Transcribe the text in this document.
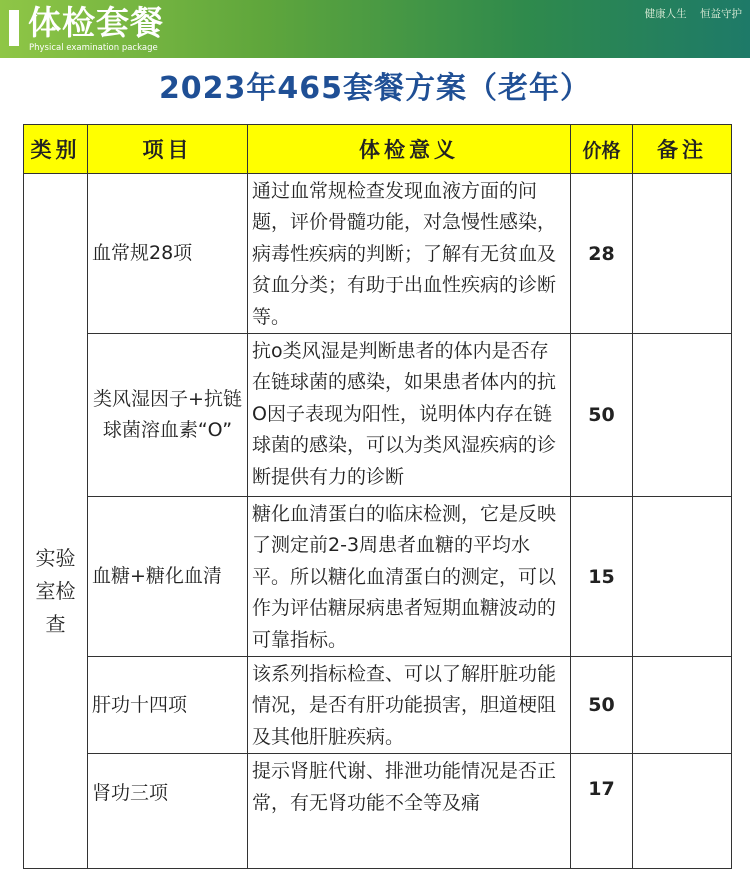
体检套餐
Physical examination package
健康人生 恒益守护
2023年465套餐方案（老年）
类别	项目	体检意义	价格	备注
实验室检查	血常规28项	通过血常规检查发现血液方面的问题，评价骨髓功能，对急慢性感染，病毒性疾病的判断；了解有无贫血及贫血分类；有助于出血性疾病的诊断等。	28	
	类风湿因子+抗链球菌溶血素“O”	抗o类风湿是判断患者的体内是否存在链球菌的感染，如果患者体内的抗O因子表现为阳性，说明体内存在链球菌的感染，可以为类风湿疾病的诊断提供有力的诊断	50	
	血糖+糖化血清	糖化血清蛋白的临床检测，它是反映了测定前2-3周患者血糖的平均水平。所以糖化血清蛋白的测定，可以作为评估糖尿病患者短期血糖波动的可靠指标。	15	
	肝功十四项	该系列指标检查、可以了解肝脏功能情况，是否有肝功能损害，胆道梗阻及其他肝脏疾病。	50	
	肾功三项	提示肾脏代谢、排泄功能情况是否正常，有无肾功能不全等及痛	17	
